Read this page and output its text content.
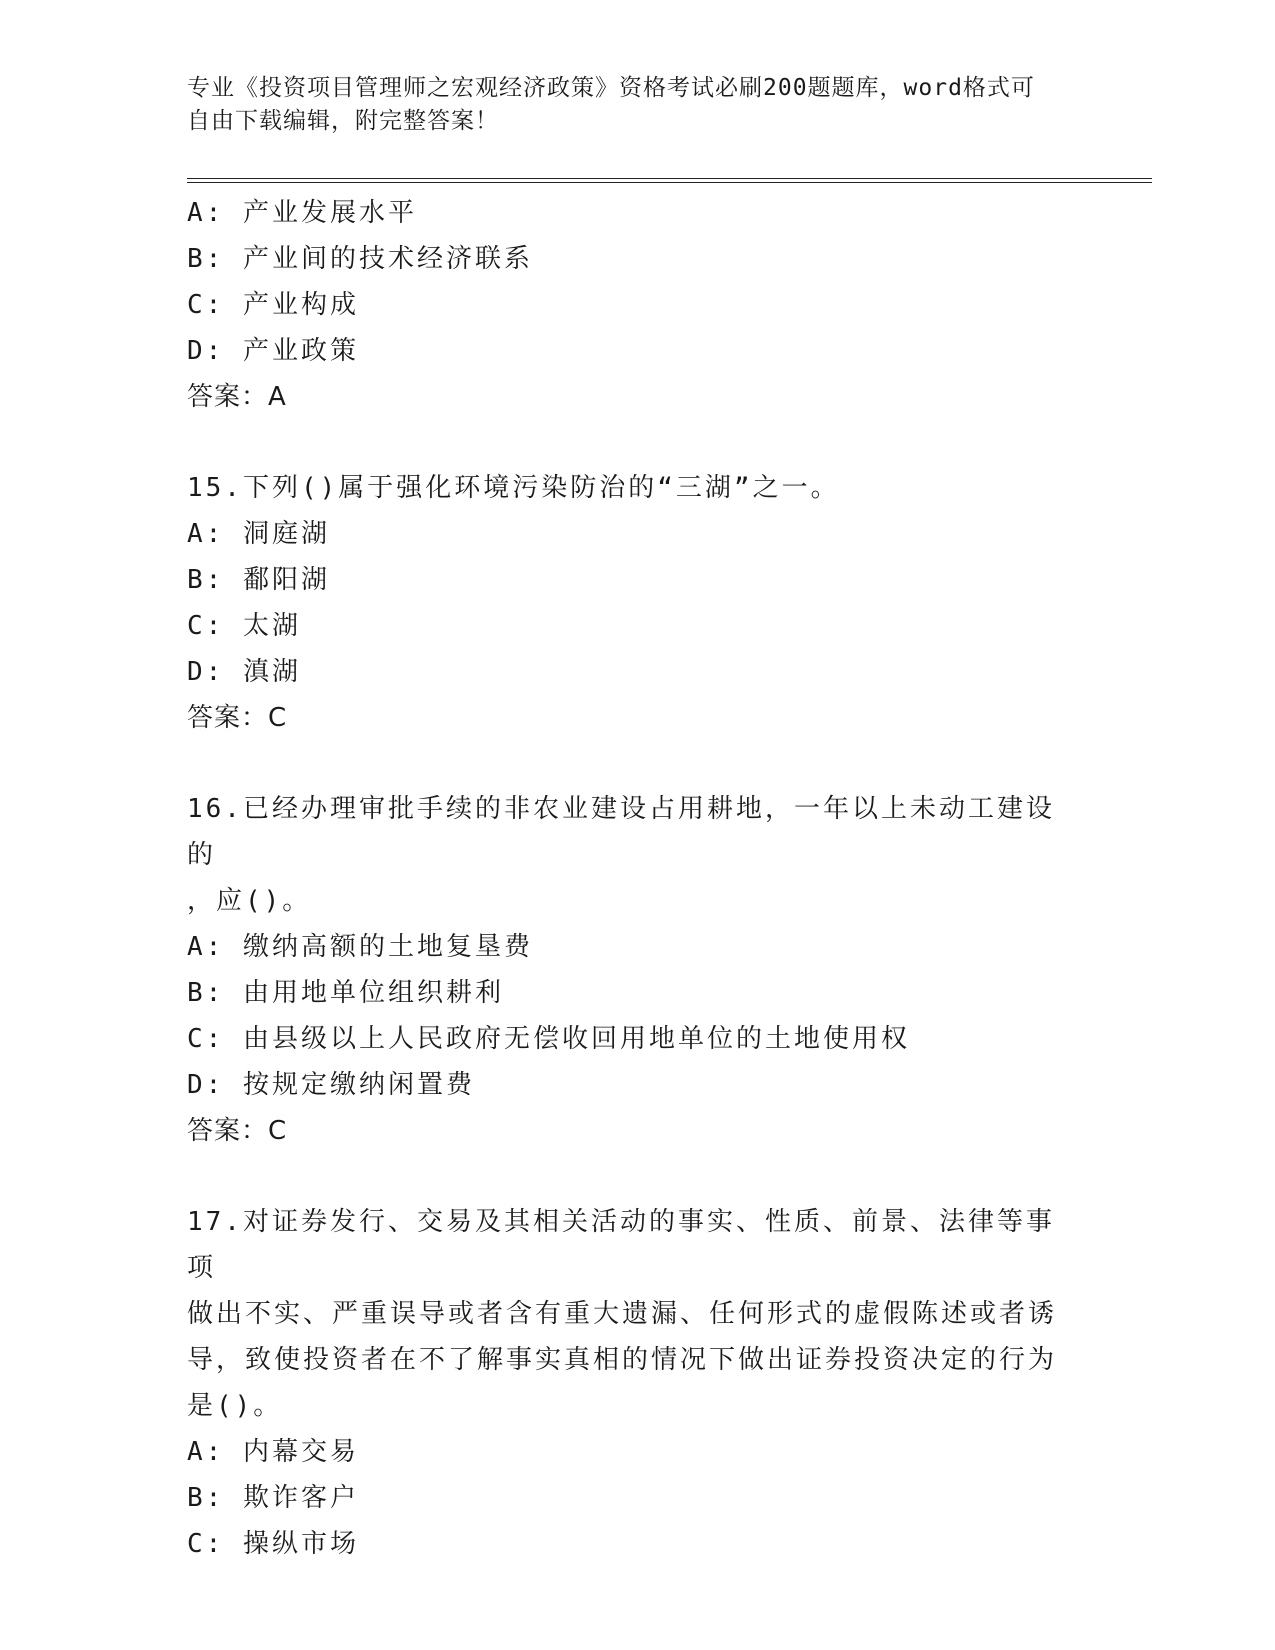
专业《投资项目管理师之宏观经济政策》资格考试必刷200题题库，word格式可
自由下载编辑，附完整答案！
A: 产业发展水平
B: 产业间的技术经济联系
C: 产业构成
D: 产业政策
答案：A
15.下列()属于强化环境污染防治的“三湖”之一。
A: 洞庭湖
B: 鄱阳湖
C: 太湖
D: 滇湖
答案：C
16.已经办理审批手续的非农业建设占用耕地，一年以上未动工建设的
，应()。
A: 缴纳高额的土地复垦费
B: 由用地单位组织耕利
C: 由县级以上人民政府无偿收回用地单位的土地使用权
D: 按规定缴纳闲置费
答案：C
17.对证券发行、交易及其相关活动的事实、性质、前景、法律等事项
做出不实、严重误导或者含有重大遗漏、任何形式的虚假陈述或者诱
导，致使投资者在不了解事实真相的情况下做出证券投资决定的行为
是()。
A: 内幕交易
B: 欺诈客户
C: 操纵市场
